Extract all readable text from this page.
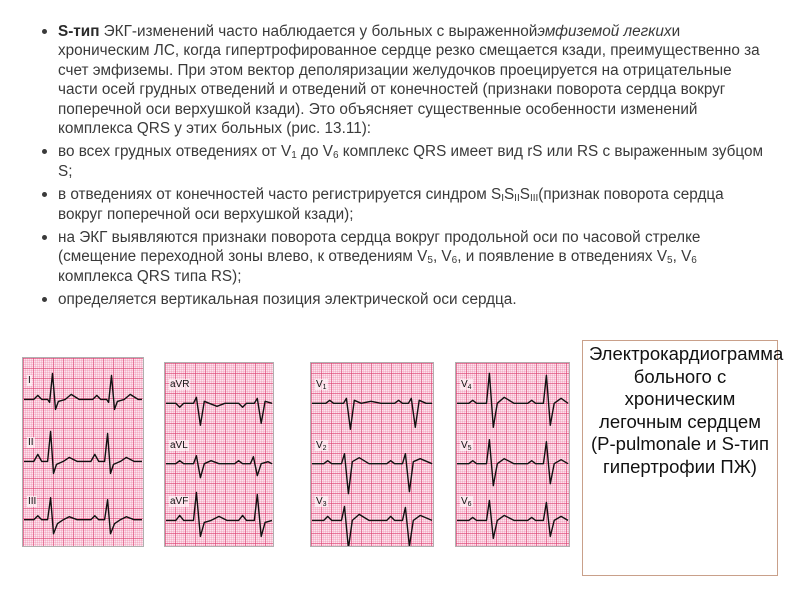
S-тип ЭКГ-изменений часто наблюдается у больных с выраженнойэмфиземой легкихи хроническим ЛС, когда гипертрофированное сердце резко смещается кзади, преимущественно за счет эмфиземы. При этом вектор деполяризации желудочков проецируется на отрицательные части осей грудных отведений и отведений от конечностей (признаки поворота сердца вокруг поперечной оси верхушкой кзади). Это объясняет существенные особенности изменений комплекса QRS у этих больных (рис. 13.11):
во всех грудных отведениях от $V_1$ до $V_6$ комплекс QRS имеет вид rS или RS с выраженным зубцом S;
в отведениях от конечностей часто регистрируется синдром $S_IS_{II}S_{III}(признак$ поворота сердца вокруг поперечной оси верхушкой кзади);
на ЭКГ выявляются признаки поворота сердца вокруг продольной оси по часовой стрелке (смещение переходной зоны влево, к отведениям $V_5$, $V_6$, и появление в отведениях $V_5$, $V_6$ комплекса QRS типа RS);
определяется вертикальная позиция электрической оси сердца.
I
II
III
aVR
aVL
aVF
$V_1$
$V_2$
$V_3$
$V_4$
$V_5$
$V_6$
Электрокардиограмма больного с хроническим легочным сердцем (P-pulmonale и S-тип гипертрофии ПЖ)
